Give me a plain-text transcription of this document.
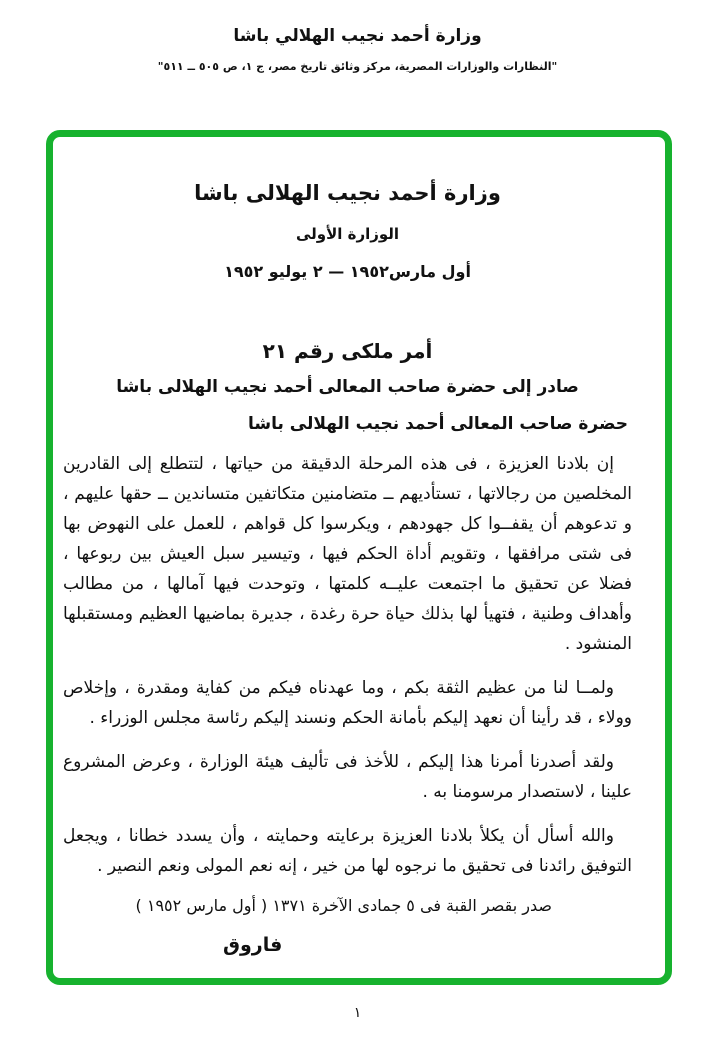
وزارة أحمد نجيب الهلالي باشا
"النظارات والوزارات المصرية، مركز وثائق تاريخ مصر، ج ١، ص ٥٠٥ ــ ٥١١"
وزارة أحمد نجيب الهلالى باشا
الوزارة الأولى
أول مارس١٩٥٢ — ٢ يوليو ١٩٥٢
أمر ملكى رقم ٢١
صادر إلى حضرة صاحب المعالى أحمد نجيب الهلالى باشا
حضرة صاحب المعالى أحمد نجيب الهلالى باشا

إن بلادنا العزيزة ، فى هذه المرحلة الدقيقة من حياتها ، لتتطلع إلى القادرين المخلصين من رجالاتها ، تستأديهم ــ متضامنين متكاتفين متساندين ــ حقها عليهم ، و تدعوهم أن يقفــوا كل جهودهم ، ويكرسوا كل قواهم ، للعمل على النهوض بها فى شتى مرافقها ، وتقويم أداة الحكم فيها ، وتيسير سبل العيش بين ربوعها ، فضلا عن تحقيق ما اجتمعت عليــه كلمتها ، وتوحدت فيها آمالها ، من مطالب وأهداف وطنية ، فتهيأ لها بذلك حياة حرة رغدة ، جديرة بماضيها العظيم ومستقبلها المنشود .

ولمــا لنا من عظيم الثقة بكم ، وما عهدناه فيكم من كفاية ومقدرة ، وإخلاص وولاء ، قد رأينا أن نعهد إليكم بأمانة الحكم ونسند إليكم رئاسة مجلس الوزراء .

ولقد أصدرنا أمرنا هذا إليكم ، للأخذ فى تأليف هيئة الوزارة ، وعرض المشروع علينا ، لاستصدار مرسومنا به .

والله أسأل أن يكلأ بلادنا العزيزة برعايته وحمايته ، وأن يسدد خطانا ، ويجعل التوفيق رائدنا فى تحقيق ما نرجوه لها من خير ، إنه نعم المولى ونعم النصير .

صدر بقصر القبة فى ٥ جمادى الآخرة ١٣٧١ ( أول مارس ١٩٥٢ )
فاروق
١
